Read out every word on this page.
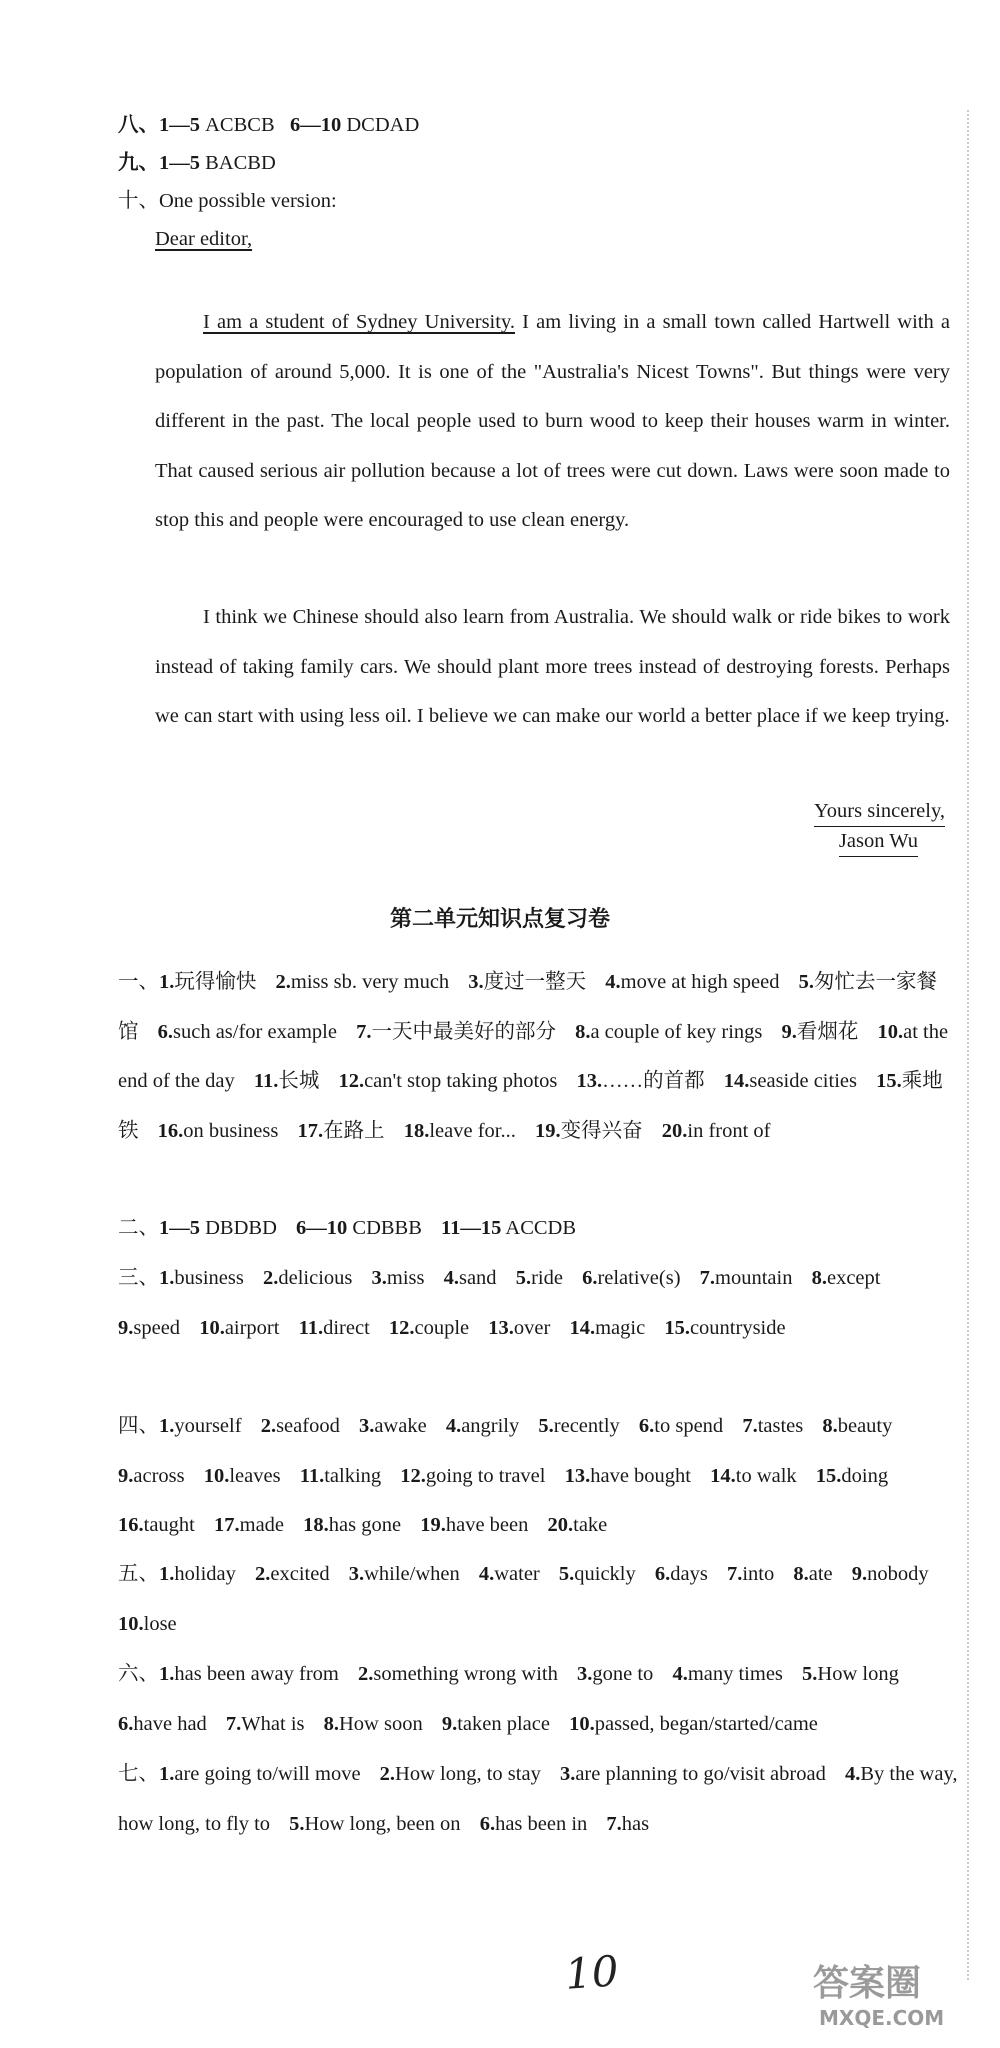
八、1—5 ACBCB 6—10 DCDAD
九、1—5 BACBD
十、One possible version:
Dear editor,
I am a student of Sydney University. I am living in a small town called Hartwell with a population of around 5,000. It is one of the "Australia's Nicest Towns". But things were very different in the past. The local people used to burn wood to keep their houses warm in winter. That caused serious air pollution because a lot of trees were cut down. Laws were soon made to stop this and people were encouraged to use clean energy.
I think we Chinese should also learn from Australia. We should walk or ride bikes to work instead of taking family cars. We should plant more trees instead of destroying forests. Perhaps we can start with using less oil. I believe we can make our world a better place if we keep trying.
Yours sincerely,
Jason Wu
第二单元知识点复习卷
一、1.玩得愉快 2.miss sb. very much 3.度过一整天 4.move at high speed 5.匆忙去一家餐馆 6.such as/for example 7.一天中最美好的部分 8.a couple of key rings 9.看烟花 10.at the end of the day 11.长城 12.can't stop taking photos 13.……的首都 14.seaside cities 15.乘地铁 16.on business 17.在路上 18.leave for... 19.变得兴奋 20.in front of
二、1—5 DBDBD 6—10 CDBBB 11—15 ACCDB
三、1.business 2.delicious 3.miss 4.sand 5.ride 6.relative(s) 7.mountain 8.except 9.speed 10.airport 11.direct 12.couple 13.over 14.magic 15.countryside
四、1.yourself 2.seafood 3.awake 4.angrily 5.recently 6.to spend 7.tastes 8.beauty 9.across 10.leaves 11.talking 12.going to travel 13.have bought 14.to walk 15.doing 16.taught 17.made 18.has gone 19.have been 20.take
五、1.holiday 2.excited 3.while/when 4.water 5.quickly 6.days 7.into 8.ate 9.nobody 10.lose
六、1.has been away from 2.something wrong with 3.gone to 4.many times 5.How long 6.have had 7.What is 8.How soon 9.taken place 10.passed, began/started/came
七、1.are going to/will move 2.How long, to stay 3.are planning to go/visit abroad 4.By the way, how long, to fly to 5.How long, been on 6.has been in 7.has
10	答案圈
MXQE.COM
